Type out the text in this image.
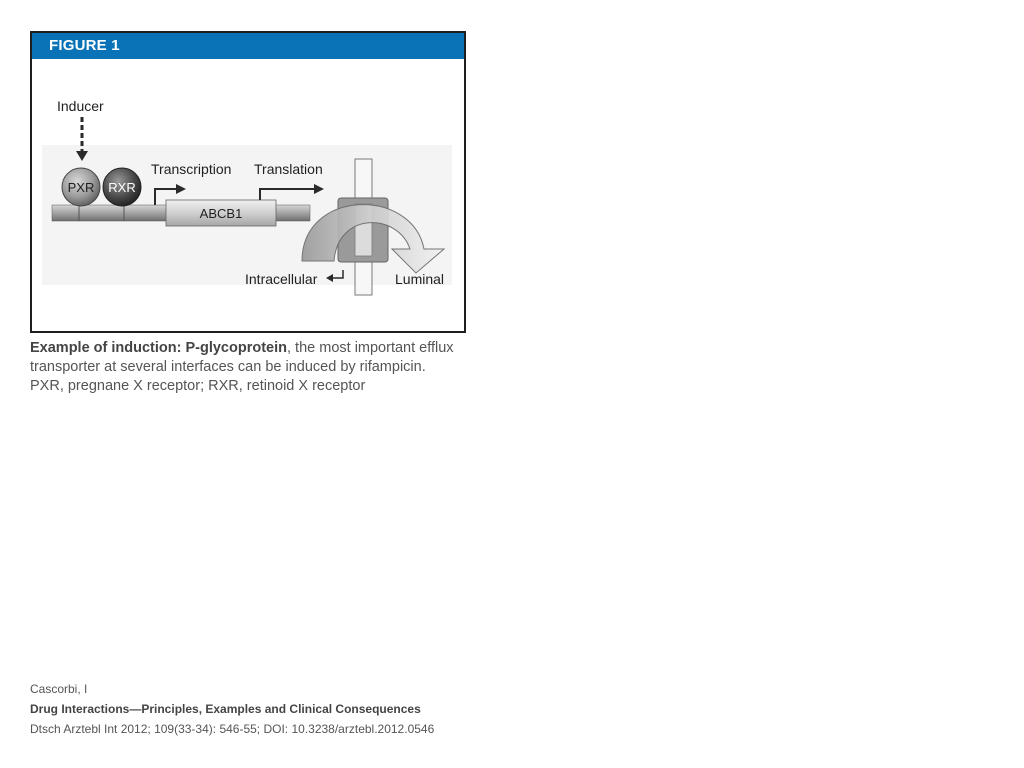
FIGURE 1
Inducer
ABCB1
PXR RXR
Transcription Translation
Intracellular	Luminal
Example of induction: P-glycoprotein, the most important efflux transporter at several interfaces can be induced by rifampicin.
PXR, pregnane X receptor; RXR, retinoid X receptor
Cascorbi, I
Drug Interactions—Principles, Examples and Clinical Consequences
Dtsch Arztebl Int 2012; 109(33-34): 546-55; DOI: 10.3238/arztebl.2012.0546
